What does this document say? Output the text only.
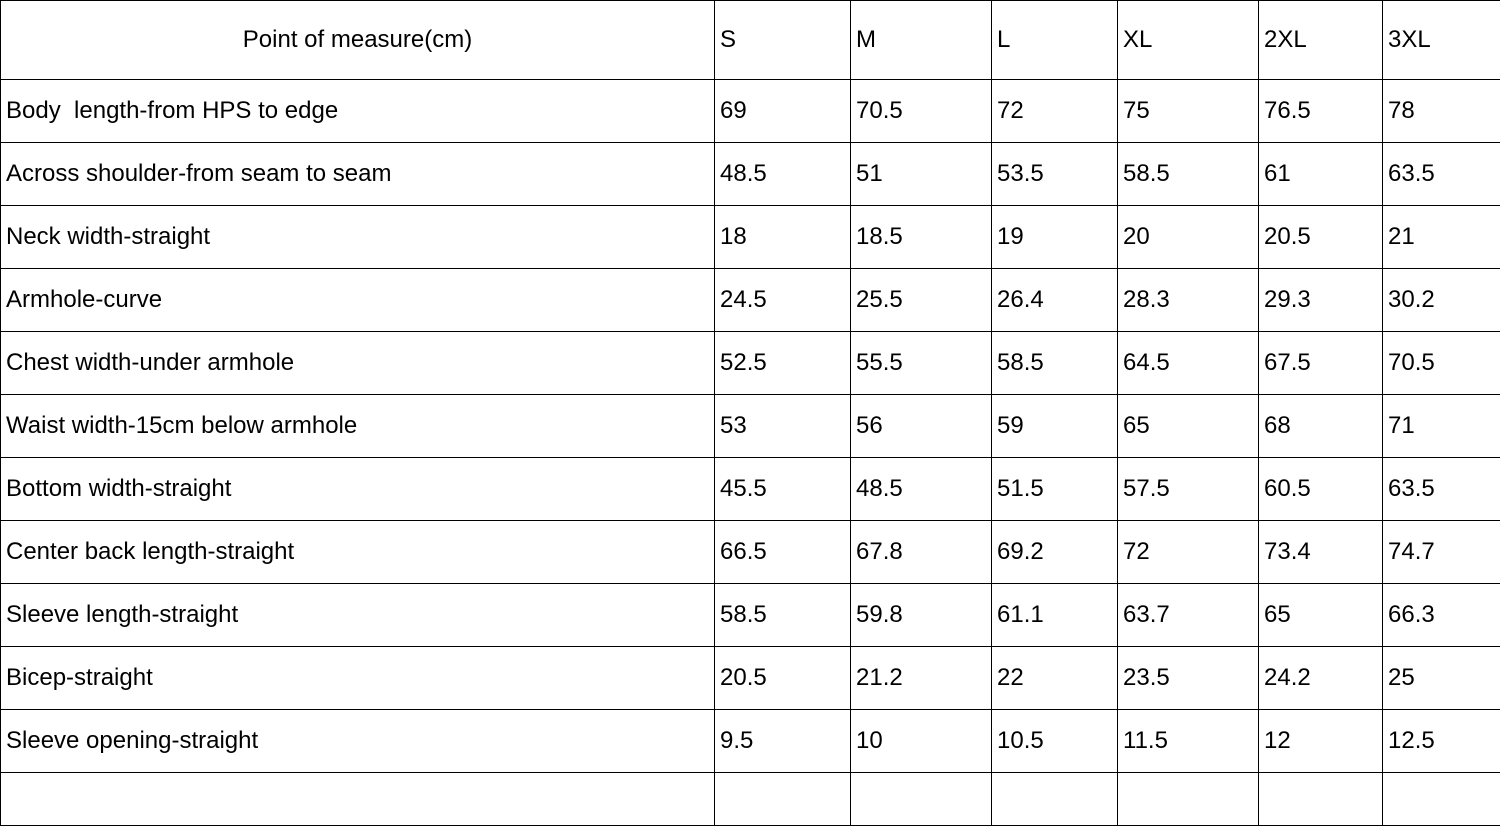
Point of measure(cm)	S	M	L	XL	2XL	3XL
Body  length-from HPS to edge	69	70.5	72	75	76.5	78
Across shoulder-from seam to seam	48.5	51	53.5	58.5	61	63.5
Neck width-straight	18	18.5	19	20	20.5	21
Armhole-curve	24.5	25.5	26.4	28.3	29.3	30.2
Chest width-under armhole	52.5	55.5	58.5	64.5	67.5	70.5
Waist width-15cm below armhole	53	56	59	65	68	71
Bottom width-straight	45.5	48.5	51.5	57.5	60.5	63.5
Center back length-straight	66.5	67.8	69.2	72	73.4	74.7
Sleeve length-straight	58.5	59.8	61.1	63.7	65	66.3
Bicep-straight	20.5	21.2	22	23.5	24.2	25
Sleeve opening-straight	9.5	10	10.5	11.5	12	12.5
